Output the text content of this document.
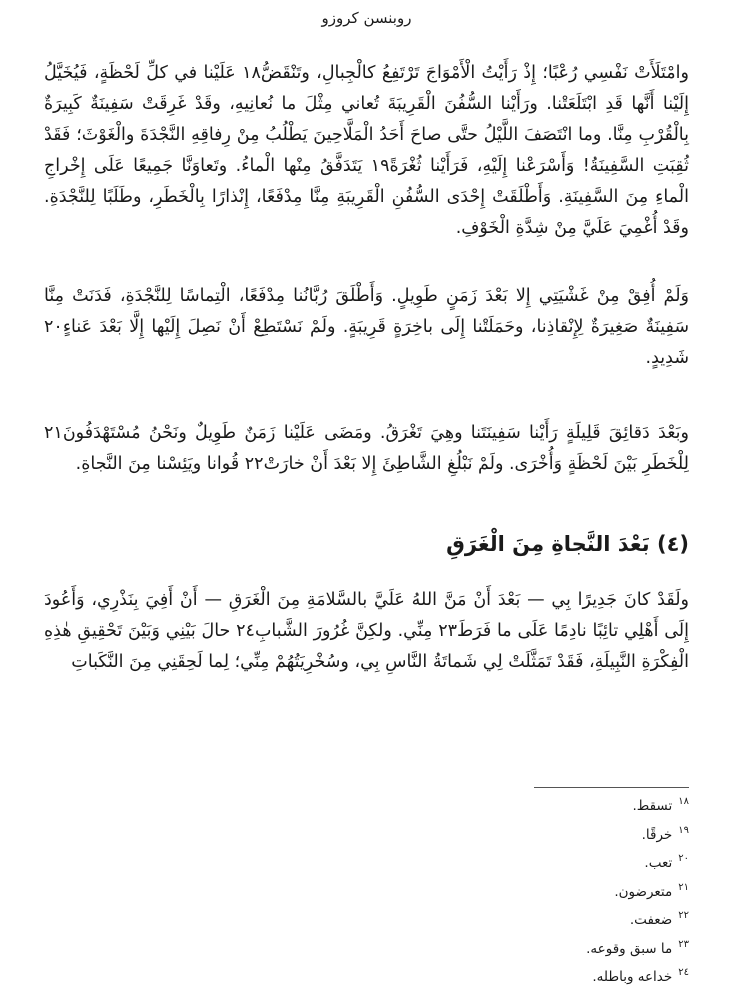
روبنسن كروزو

وامْتَلَأَتْ نَفْسِي رُعْبًا؛ إِذْ رَأَيْتُ الْأَمْوَاجَ تَرْتَفِعُ كالْجِبالِ، وتَنْقَضُّ١٨ عَلَيْنا في كلِّ لَحْظَةٍ، فَيُخَيَّلُ إِلَيْنا أَنَّها قَدِ ابْتَلَعَتْنا. ورَأَيْنا السُّفُنَ الْقَرِيبَةَ تُعاني مِثْلَ ما نُعانِيهِ، وقَدْ غَرِقَتْ سَفِينَةٌ كَبِيرَةٌ بِالْقُرْبِ مِنَّا. وما انْتَصَفَ اللَّيْلُ حتَّى صاحَ أَحَدُ الْمَلَّاحِينَ يَطْلُبُ مِنْ رِفاقِهِ النَّجْدَةَ والْغَوْثَ؛ فَقَدْ ثُقِبَتِ السَّفِينَةُ! وَأَسْرَعْنا إِلَيْهِ، فَرَأَيْنا ثُغْرَةً١٩ يَتَدَفَّقُ مِنْها الْماءُ. وتَعاوَنَّا جَمِيعًا عَلَى إِخْراجِ الْماءِ مِنَ السَّفِينَةِ. وَأَطْلَقَتْ إِحْدَى السُّفُنِ الْقَرِيبَةِ مِنَّا مِدْفَعًا، إِنْذارًا بِالْخَطَرِ، وطَلَبًا لِلنَّجْدَةِ. وقَدْ أُغْمِيَ عَلَيَّ مِنْ شِدَّةِ الْخَوْفِ.

وَلَمْ أُفِقْ مِنْ غَشْيَتِي إِلا بَعْدَ زَمَنٍ طَوِيلٍ. وَأَطْلَقَ رُبَّانُنا مِدْفَعًا، الْتِماسًا لِلنَّجْدَةِ، فَدَنَتْ مِنَّا سَفِينَةٌ صَغِيرَةٌ لِإِنْقاذِنا، وحَمَلَتْنا إِلَى باخِرَةٍ قَرِيبَةٍ. ولَمْ نَسْتَطِعْ أَنْ نَصِلَ إِلَيْها إِلَّا بَعْدَ عَناءٍ٢٠ شَدِيدٍ.

وبَعْدَ دَقائِقَ قَلِيلَةٍ رَأَيْنا سَفِينَتَنا وهِيَ تَغْرَقُ. ومَضَى عَلَيْنا زَمَنٌ طَوِيلٌ ونَحْنُ مُسْتَهْدَفُونَ٢١ لِلْخَطَرِ بَيْنَ لَحْظَةٍ وَأُخْرَى. ولَمْ نَبْلُغِ الشَّاطِئَ إِلا بَعْدَ أَنْ خارَتْ٢٢ قُوانا ويَئِسْنا مِنَ النَّجاةِ.

(٤) بَعْدَ النَّجاةِ مِنَ الْغَرَقِ

ولَقَدْ كانَ جَدِيرًا بِي — بَعْدَ أَنْ مَنَّ اللهُ عَلَيَّ بالسَّلامَةِ مِنَ الْغَرَقِ — أَنْ أَفِيَ بِنَذْرِي، وَأَعُودَ إِلَى أَهْلِي تائِبًا نادِمًا عَلَى ما فَرَطَ٢٣ مِنِّي. ولكِنَّ غُرُورَ الشَّبابِ٢٤ حالَ بَيْنِي وَبَيْنَ تَحْقِيقِ هٰذِهِ الْفِكْرَةِ النَّبِيلَةِ، فَقَدْ تَمَثَّلَتْ لِي شَماتَةُ النَّاسِ بِي، وسُخْرِيَتُهُمْ مِنِّي؛ لِما لَحِقَنِي مِنَ النَّكَباتِ

$^{١٨}$تسقط.
$^{١٩}$خرقًا.
$^{٢٠}$تعب.
$^{٢١}$متعرضون.
$^{٢٢}$ضعفت.
$^{٢٣}$ما سبق وقوعه.
$^{٢٤}$خداعه وباطله.
